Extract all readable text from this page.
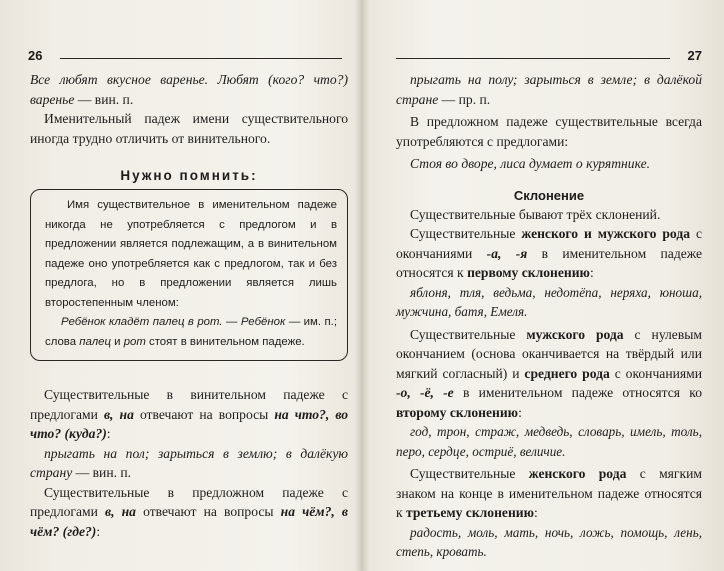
26

Все любят вкусное варенье. Любят (кого? что?) варенье — вин. п.

Именительный падеж имени существительного иногда трудно отличить от винительного.

Нужно помнить:

Имя существительное в именительном падеже никогда не употребляется с предлогом и в предложении является подлежащим, а в винительном падеже оно употребляется как с предлогом, так и без предлога, но в предложении является лишь второстепенным членом:

Ребёнок кладёт палец в рот. — Ребёнок — им. п.; слова палец и рот стоят в винительном падеже.

Существительные в винительном падеже с предлогами в, на отвечают на вопросы на что?, во что? (куда?):

прыгать на пол; зарыться в землю; в далёкую страну — вин. п.

Существительные в предложном падеже с предлогами в, на отвечают на вопросы на чём?, в чём? (где?):

27

прыгать на полу; зарыться в земле; в далёкой стране — пр. п.

В предложном падеже существительные всегда употребляются с предлогами:

Стоя во дворе, лиса думает о курятнике.

Склонение

Существительные бывают трёх склонений.

Существительные женского и мужского рода с окончаниями -а, -я в именительном падеже относятся к первому склонению:

яблоня, тля, ведьма, недотёпа, неряха, юноша, мужчина, батя, Емеля.

Существительные мужского рода с нулевым окончанием (основа оканчивается на твёрдый или мягкий согласный) и среднего рода с окончаниями -о, -ё, -е в именительном падеже относятся ко второму склонению:

год, трон, страж, медведь, словарь, имель, толь, перо, сердце, остриё, величие.

Существительные женского рода с мягким знаком на конце в именительном падеже относятся к третьему склонению:

радость, моль, мать, ночь, ложь, помощь, лень, степь, кровать.
